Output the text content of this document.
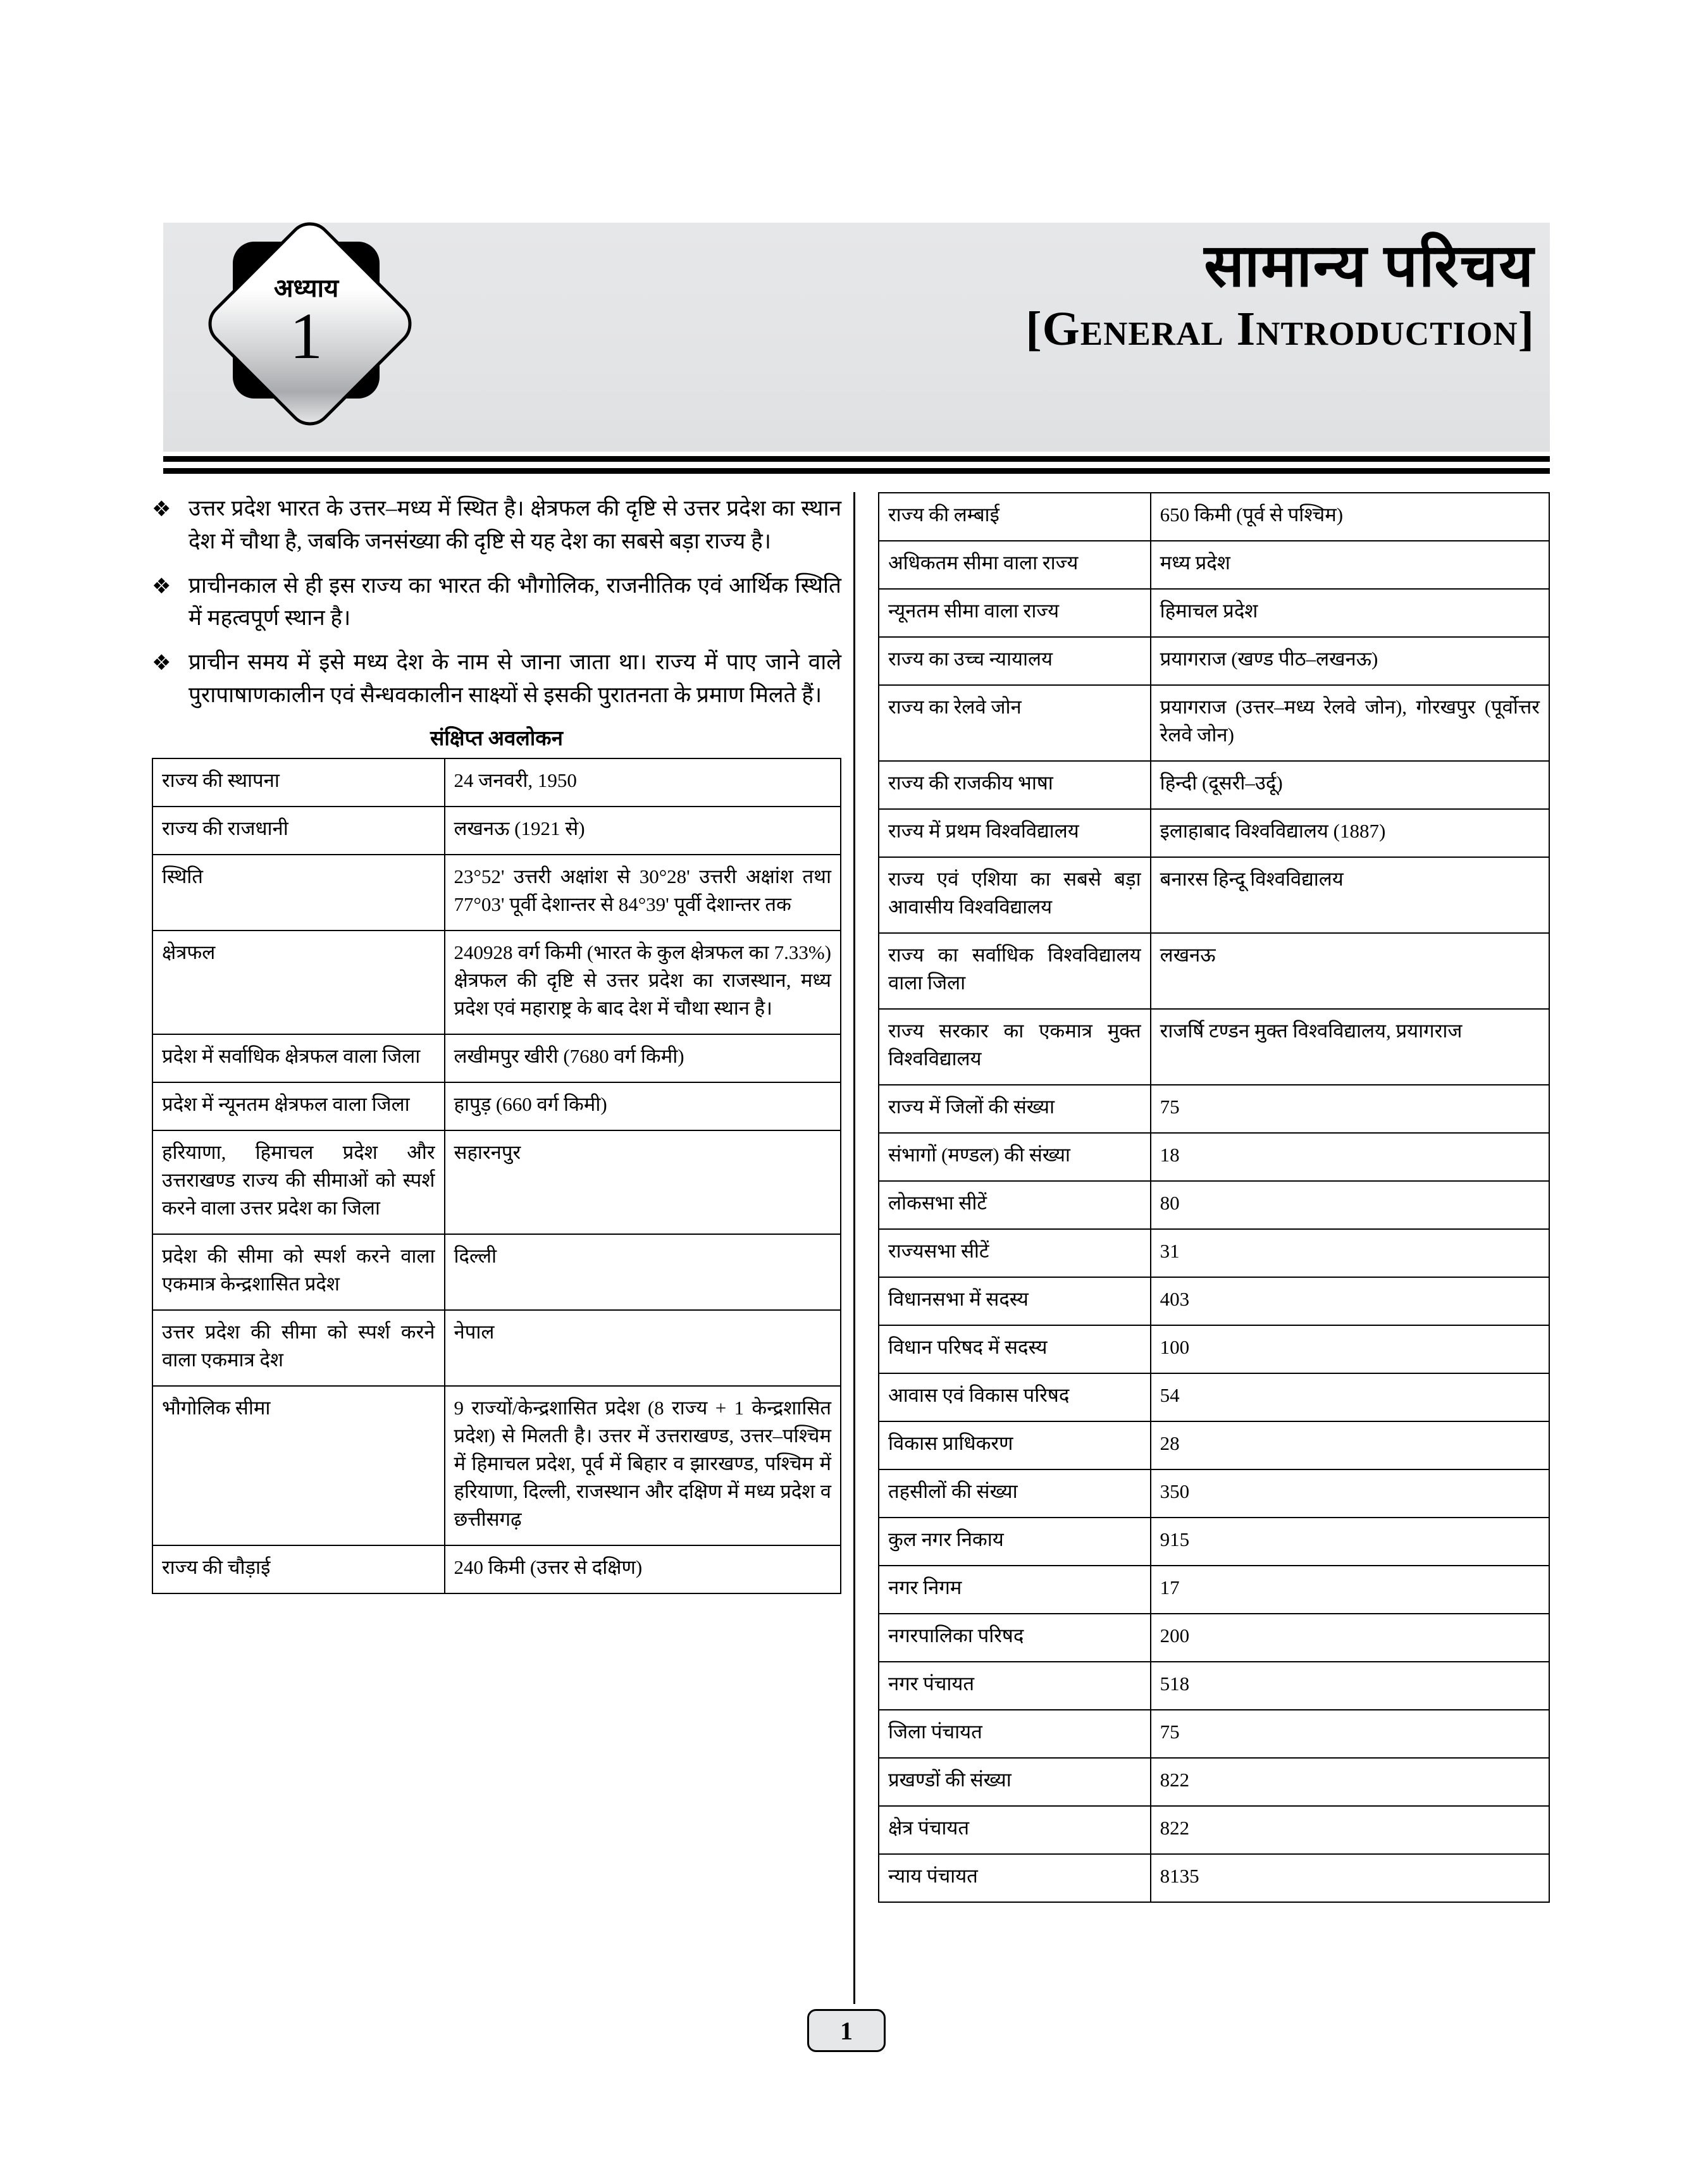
अध्याय
1
सामान्य परिचय
[General Introduction]
❖ उत्तर प्रदेश भारत के उत्तर–मध्य में स्थित है। क्षेत्रफल की दृष्टि से उत्तर प्रदेश का स्थान देश में चौथा है, जबकि जनसंख्या की दृष्टि से यह देश का सबसे बड़ा राज्य है।
❖ प्राचीनकाल से ही इस राज्य का भारत की भौगोलिक, राजनीतिक एवं आर्थिक स्थिति में महत्वपूर्ण स्थान है।
❖ प्राचीन समय में इसे मध्य देश के नाम से जाना जाता था। राज्य में पाए जाने वाले पुरापाषाणकालीन एवं सैन्धवकालीन साक्ष्यों से इसकी पुरातनता के प्रमाण मिलते हैं।
संक्षिप्त अवलोकन
राज्य की स्थापना	24 जनवरी, 1950
राज्य की राजधानी	लखनऊ (1921 से)
स्थिति	23°52' उत्तरी अक्षांश से 30°28' उत्तरी अक्षांश तथा 77°03' पूर्वी देशान्तर से 84°39' पूर्वी देशान्तर तक
क्षेत्रफल	240928 वर्ग किमी (भारत के कुल क्षेत्रफल का 7.33%) क्षेत्रफल की दृष्टि से उत्तर प्रदेश का राजस्थान, मध्य प्रदेश एवं महाराष्ट्र के बाद देश में चौथा स्थान है।
प्रदेश में सर्वाधिक क्षेत्रफल वाला जिला	लखीमपुर खीरी (7680 वर्ग किमी)
प्रदेश में न्यूनतम क्षेत्रफल वाला जिला	हापुड़ (660 वर्ग किमी)
हरियाणा, हिमाचल प्रदेश और उत्तराखण्ड राज्य की सीमाओं को स्पर्श करने वाला उत्तर प्रदेश का जिला	सहारनपुर
प्रदेश की सीमा को स्पर्श करने वाला एकमात्र केन्द्रशासित प्रदेश	दिल्ली
उत्तर प्रदेश की सीमा को स्पर्श करने वाला एकमात्र देश	नेपाल
भौगोलिक सीमा	9 राज्यों/केन्द्रशासित प्रदेश (8 राज्य + 1 केन्द्रशासित प्रदेश) से मिलती है। उत्तर में उत्तराखण्ड, उत्तर–पश्चिम में हिमाचल प्रदेश, पूर्व में बिहार व झारखण्ड, पश्चिम में हरियाणा, दिल्ली, राजस्थान और दक्षिण में मध्य प्रदेश व छत्तीसगढ़
राज्य की चौड़ाई	240 किमी (उत्तर से दक्षिण)
राज्य की लम्बाई	650 किमी (पूर्व से पश्चिम)
अधिकतम सीमा वाला राज्य	मध्य प्रदेश
न्यूनतम सीमा वाला राज्य	हिमाचल प्रदेश
राज्य का उच्च न्यायालय	प्रयागराज (खण्ड पीठ–लखनऊ)
राज्य का रेलवे जोन	प्रयागराज (उत्तर–मध्य रेलवे जोन), गोरखपुर (पूर्वोत्तर रेलवे जोन)
राज्य की राजकीय भाषा	हिन्दी (दूसरी–उर्दू)
राज्य में प्रथम विश्वविद्यालय	इलाहाबाद विश्वविद्यालय (1887)
राज्य एवं एशिया का सबसे बड़ा आवासीय विश्वविद्यालय	बनारस हिन्दू विश्वविद्यालय
राज्य का सर्वाधिक विश्वविद्यालय वाला जिला	लखनऊ
राज्य सरकार का एकमात्र मुक्त विश्वविद्यालय	राजर्षि टण्डन मुक्त विश्वविद्यालय, प्रयागराज
राज्य में जिलों की संख्या	75
संभागों (मण्डल) की संख्या	18
लोकसभा सीटें	80
राज्यसभा सीटें	31
विधानसभा में सदस्य	403
विधान परिषद में सदस्य	100
आवास एवं विकास परिषद	54
विकास प्राधिकरण	28
तहसीलों की संख्या	350
कुल नगर निकाय	915
नगर निगम	17
नगरपालिका परिषद	200
नगर पंचायत	518
जिला पंचायत	75
प्रखण्डों की संख्या	822
क्षेत्र पंचायत	822
न्याय पंचायत	8135
1
